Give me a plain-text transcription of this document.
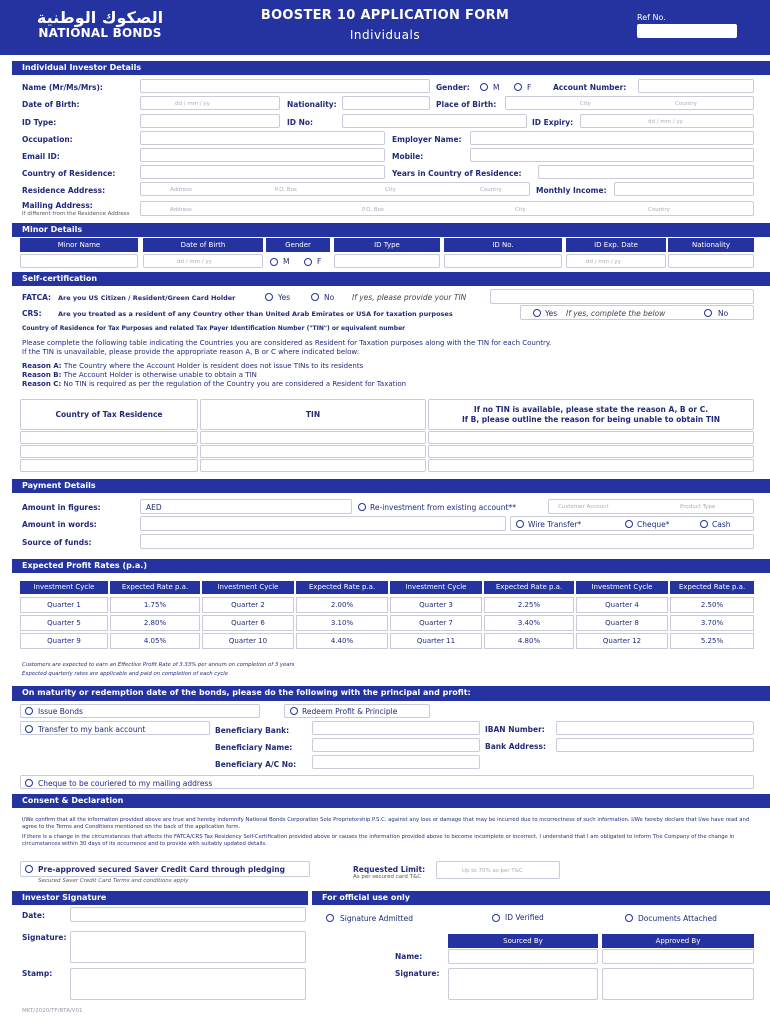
الصكوك الوطنية
NATIONAL BONDS
BOOSTER 10 APPLICATION FORM
Individuals
Ref No.
Individual Investor Details
Name (Mr/Ms/Mrs):	Gender:	M	F	Account Number:
Date of Birth:	dd / mm / yy	Nationality:	Place of Birth:	City	Country
ID Type:	ID No:	ID Expiry:	dd / mm / yy
Occupation:	Employer Name:
Email ID:	Mobile:
Country of Residence:	Years in Country of Residence:
Residence Address:	Address	P.O. Box	City	Country	Monthly Income:
Mailing Address:
If different from the Residence Address
Address	P.O. Box	City	Country
Minor Details
Minor Name	Date of Birth	Gender	ID Type	ID No.	ID Exp. Date	Nationality
dd / mm / yy	M	F	dd / mm / yy
Self-certification
FATCA: Are you US Citizen / Resident/Green Card Holder	Yes	No If yes, please provide your TIN
CRS:	Are you treated as a resident of any Country other than United Arab Emirates or USA for taxation purposes	Yes If yes, complete the below	No
Country of Residence for Tax Purposes and related Tax Payer Identification Number ("TIN") or equivalent number
Please complete the following table indicating the Countries you are considered as Resident for Taxation purposes along with the TIN for each Country.
If the TIN is unavailable, please provide the appropriate reason A, B or C where indicated below:
Reason A: The Country where the Account Holder is resident does not issue TINs to its residents
Reason B: The Account Holder is otherwise unable to obtain a TIN
Reason C: No TIN is required as per the regulation of the Country you are considered a Resident for Taxation
Country of Tax Residence	TIN
If no TIN is available, please state the reason A, B or C.
If B, please outline the reason for being unable to obtain TIN
Payment Details
Amount in figures:	AED	Re-investment from existing account**	Customer Account	Product Type
Amount in words:	Wire Transfer*	Cheque*	Cash
Source of funds:
Expected Profit Rates (p.a.)
Investment Cycle	Expected Rate p.a.	Investment Cycle	Expected Rate p.a.	Investment Cycle	Expected Rate p.a.	Investment Cycle	Expected Rate p.a.
Quarter 1	1.75%	Quarter 2	2.00%	Quarter 3	2.25%	Quarter 4	2.50%
Quarter 5	2.80%	Quarter 6	3.10%	Quarter 7	3.40%	Quarter 8	3.70%
Quarter 9	4.05%	Quarter 10	4.40%	Quarter 11	4.80%	Quarter 12	5.25%
Customers are expected to earn an Effective Profit Rate of 3.33% per annum on completion of 3 years
Expected quarterly rates are applicable and paid on completion of each cycle
On maturity or redemption date of the bonds, please do the following with the principal and profit:
Issue Bonds	Redeem Profit & Principle
Transfer to my bank account	Beneficiary Bank:	IBAN Number:
Beneficiary Name:	Bank Address:
Beneficiary A/C No:
Cheque to be couriered to my mailing address
Consent & Declaration
I/We confirm that all the information provided above are true and hereby indemnify National Bonds Corporation Sole Proprietorship P.S.C. against any loss or damage that may be incurred due to incorrectness of such information. I/We hereby declare that I/we have read and agree to the Terms and Conditions mentioned on the back of the application form.
If there is a change in the circumstances that affects the FATCA/CRS Tax Residency Self-Certification provided above or causes the information provided above to become incomplete or incorrect, I understand that I am obligated to inform The Company of the change in circumstances within 30 days of its occurrence and to provide with suitably updated details.
Pre-approved secured Saver Credit Card through pledging
Secured Saver Credit Card Terms and conditions apply
Requested Limit:
As per secured card T&C
Up to 70% as per T&C
Investor Signature	For official use only
Date:
Signature:
Stamp:
MKT/2020/TF/BTA/V01
Signature Admitted	ID Verified	Documents Attached
Sourced By	Approved By
Name:
Signature:
